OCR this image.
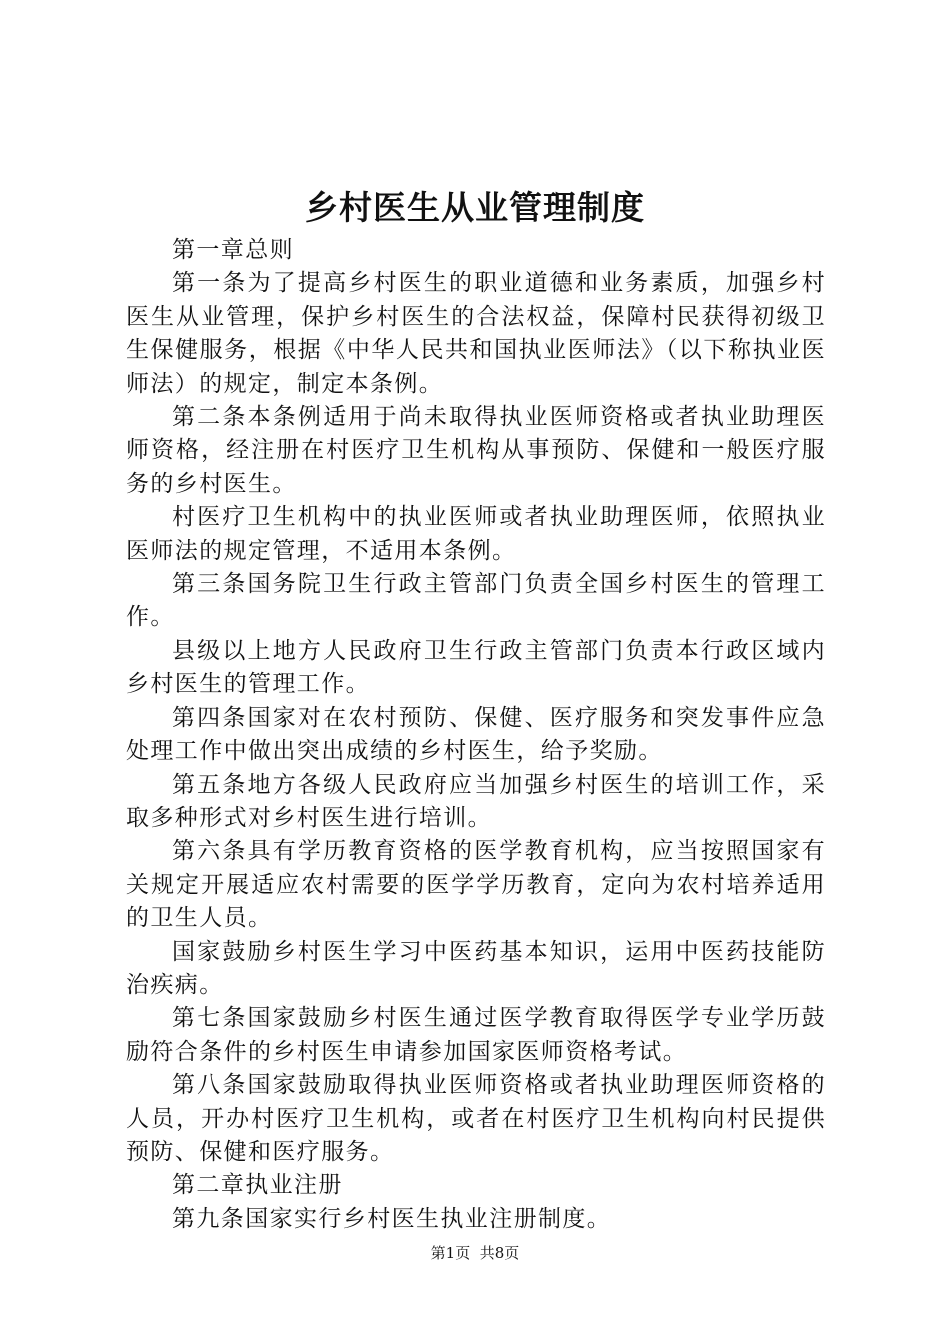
乡村医生从业管理制度

第一章总则

第一条为了提高乡村医生的职业道德和业务素质，加强乡村医生从业管理，保护乡村医生的合法权益，保障村民获得初级卫生保健服务，根据《中华人民共和国执业医师法》（以下称执业医师法）的规定，制定本条例。

第二条本条例适用于尚未取得执业医师资格或者执业助理医师资格，经注册在村医疗卫生机构从事预防、保健和一般医疗服务的乡村医生。

村医疗卫生机构中的执业医师或者执业助理医师，依照执业医师法的规定管理，不适用本条例。

第三条国务院卫生行政主管部门负责全国乡村医生的管理工作。

县级以上地方人民政府卫生行政主管部门负责本行政区域内乡村医生的管理工作。

第四条国家对在农村预防、保健、医疗服务和突发事件应急处理工作中做出突出成绩的乡村医生，给予奖励。

第五条地方各级人民政府应当加强乡村医生的培训工作，采取多种形式对乡村医生进行培训。

第六条具有学历教育资格的医学教育机构，应当按照国家有关规定开展适应农村需要的医学学历教育，定向为农村培养适用的卫生人员。

国家鼓励乡村医生学习中医药基本知识，运用中医药技能防治疾病。

第七条国家鼓励乡村医生通过医学教育取得医学专业学历鼓励符合条件的乡村医生申请参加国家医师资格考试。

第八条国家鼓励取得执业医师资格或者执业助理医师资格的人员，开办村医疗卫生机构，或者在村医疗卫生机构向村民提供预防、保健和医疗服务。

第二章执业注册

第九条国家实行乡村医生执业注册制度。

第1页 共8页
